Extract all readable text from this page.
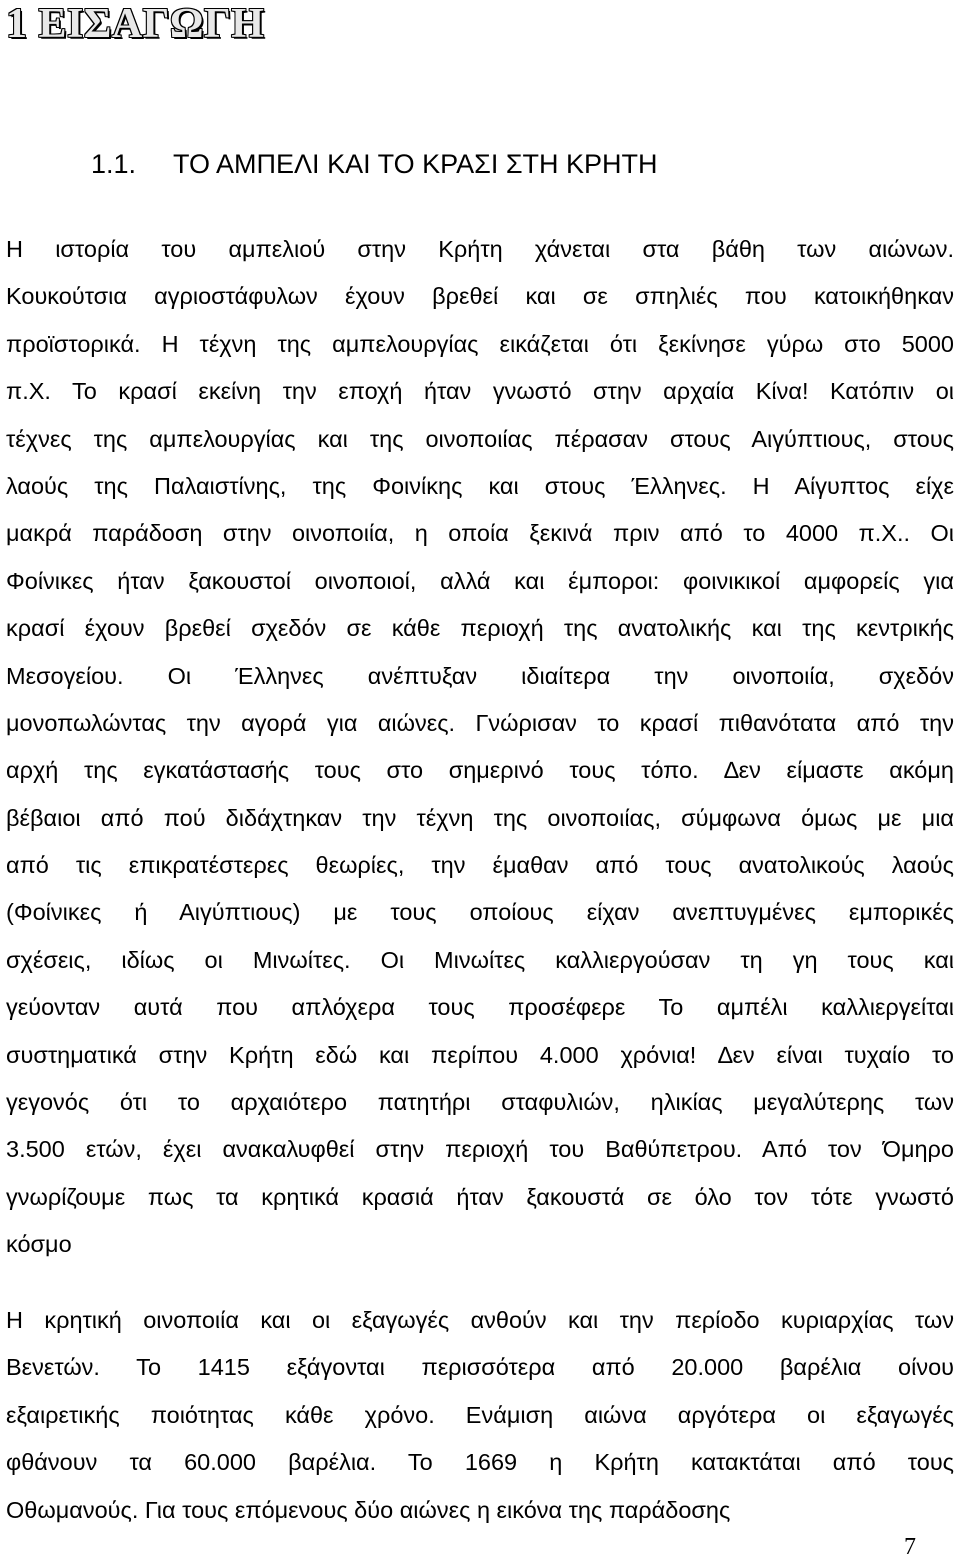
1 ΕΙΣΑΓΩΓΗ
1.1. ΤΟ ΑΜΠΕΛΙ ΚΑΙ ΤΟ ΚΡΑΣΙ ΣΤΗ ΚΡΗΤΗ
Η ιστορία του αμπελιού στην Κρήτη χάνεται στα βάθη των αιώνων.
Κουκούτσια αγριοστάφυλων έχουν βρεθεί και σε σπηλιές που κατοικήθηκαν
προϊστορικά. Η τέχνη της αμπελουργίας εικάζεται ότι ξεκίνησε γύρω στο 5000
π.Χ. Το κρασί εκείνη την εποχή ήταν γνωστό στην αρχαία Κίνα! Κατόπιν οι
τέχνες της αμπελουργίας και της οινοποιίας πέρασαν στους Αιγύπτιους, στους
λαούς της Παλαιστίνης, της Φοινίκης και στους Έλληνες. Η Αίγυπτος είχε
μακρά παράδοση στην οινοποιία, η οποία ξεκινά πριν από το 4000 π.Χ.. Οι
Φοίνικες ήταν ξακουστοί οινοποιοί, αλλά και έμποροι: φοινικικοί αμφορείς για
κρασί έχουν βρεθεί σχεδόν σε κάθε περιοχή της ανατολικής και της κεντρικής
Μεσογείου. Οι Έλληνες ανέπτυξαν ιδιαίτερα την οινοποιία, σχεδόν
μονοπωλώντας την αγορά για αιώνες. Γνώρισαν το κρασί πιθανότατα από την
αρχή της εγκατάστασής τους στο σημερινό τους τόπο. ∆εν είμαστε ακόμη
βέβαιοι από πού διδάχτηκαν την τέχνη της οινοποιίας, σύμφωνα όμως με μια
από τις επικρατέστερες θεωρίες, την έμαθαν από τους ανατολικούς λαούς
(Φοίνικες ή Αιγύπτιους) με τους οποίους είχαν ανεπτυγμένες εμπορικές
σχέσεις, ιδίως οι Μινωίτες. Οι Μινωίτες καλλιεργούσαν τη γη τους και
γεύονταν αυτά που απλόχερα τους προσέφερε Το αμπέλι καλλιεργείται
συστηματικά στην Κρήτη εδώ και περίπου 4.000 χρόνια! ∆εν είναι τυχαίο το
γεγονός ότι το αρχαιότερο πατητήρι σταφυλιών, ηλικίας μεγαλύτερης των
3.500 ετών, έχει ανακαλυφθεί στην περιοχή του Βαθύπετρου. Από τον Όμηρο
γνωρίζουμε πως τα κρητικά κρασιά ήταν ξακουστά σε όλο τον τότε γνωστό
κόσμο
Η κρητική οινοποιία και οι εξαγωγές ανθούν και την περίοδο κυριαρχίας των
Βενετών. Το 1415 εξάγονται περισσότερα από 20.000 βαρέλια οίνου
εξαιρετικής ποιότητας κάθε χρόνο. Ενάμιση αιώνα αργότερα οι εξαγωγές
φθάνουν τα 60.000 βαρέλια. Το 1669 η Κρήτη κατακτάται από τους
Οθωμανούς. Για τους επόμενους δύο αιώνες η εικόνα της παράδοσης
7
